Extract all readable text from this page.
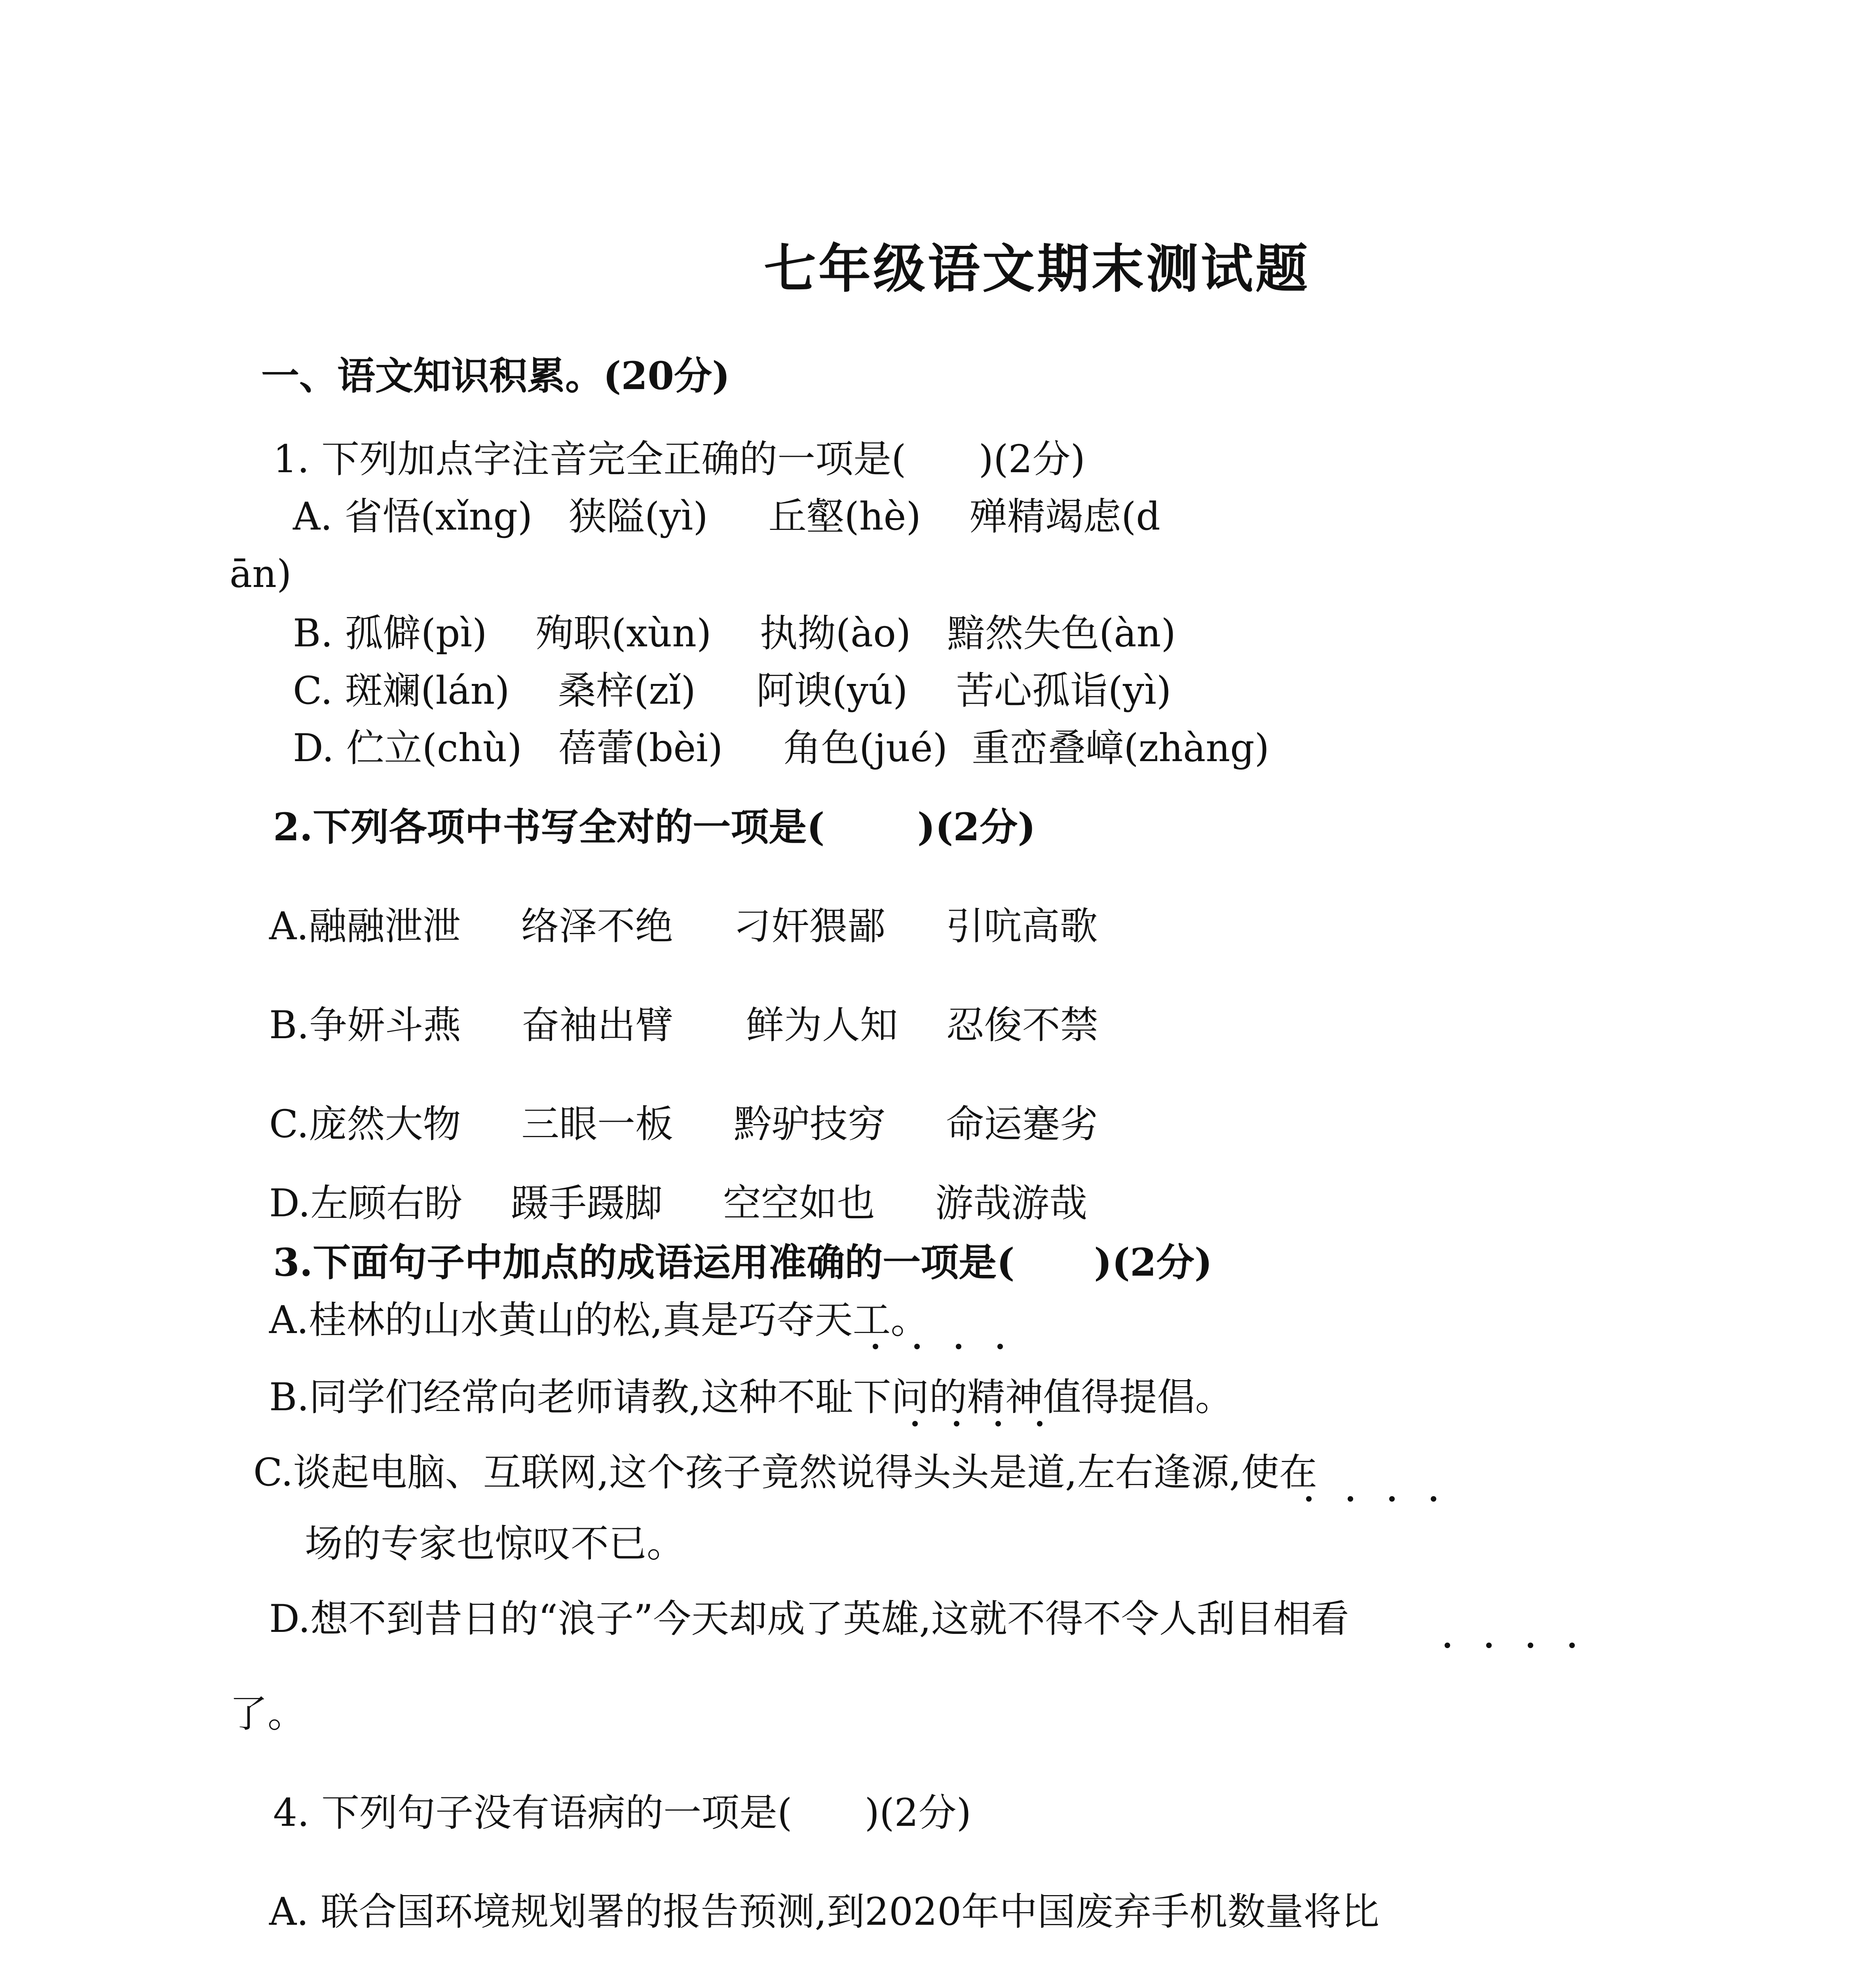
七年级语文期末测试题
一、语文知识积累。(20分)
1. 下列加点字注音完全正确的一项是(      )(2分)
A. 省悟(xǐng)   狭隘(yì)     丘壑(hè)    殚精竭虑(d
ān)
B. 孤僻(pì)    殉职(xùn)    执拗(ào)   黯然失色(àn)
C. 斑斓(lán)    桑梓(zǐ)     阿谀(yú)    苦心孤诣(yì)
D. 伫立(chù)   蓓蕾(bèi)     角色(jué)  重峦叠嶂(zhàng)
2.下列各项中书写全对的一项是(       )(2分)
A.融融泄泄     络泽不绝     刁奸猥鄙     引吭高歌
B.争妍斗燕     奋袖出臂      鲜为人知    忍俊不禁
C.庞然大物     三眼一板     黔驴技穷     命运蹇劣
D.左顾右盼    蹑手蹑脚     空空如也     游哉游哉
3.下面句子中加点的成语运用准确的一项是(      )(2分)
A.桂林的山水黄山的松,真是巧夺天工。
B.同学们经常向老师请教,这种不耻下问的精神值得提倡。
C.谈起电脑、互联网,这个孩子竟然说得头头是道,左右逢源,使在
场的专家也惊叹不已。
D.想不到昔日的“浪子”今天却成了英雄,这就不得不令人刮目相看
了。
4. 下列句子没有语病的一项是(      )(2分)
A. 联合国环境规划署的报告预测,到2020年中国废弃手机数量将比
